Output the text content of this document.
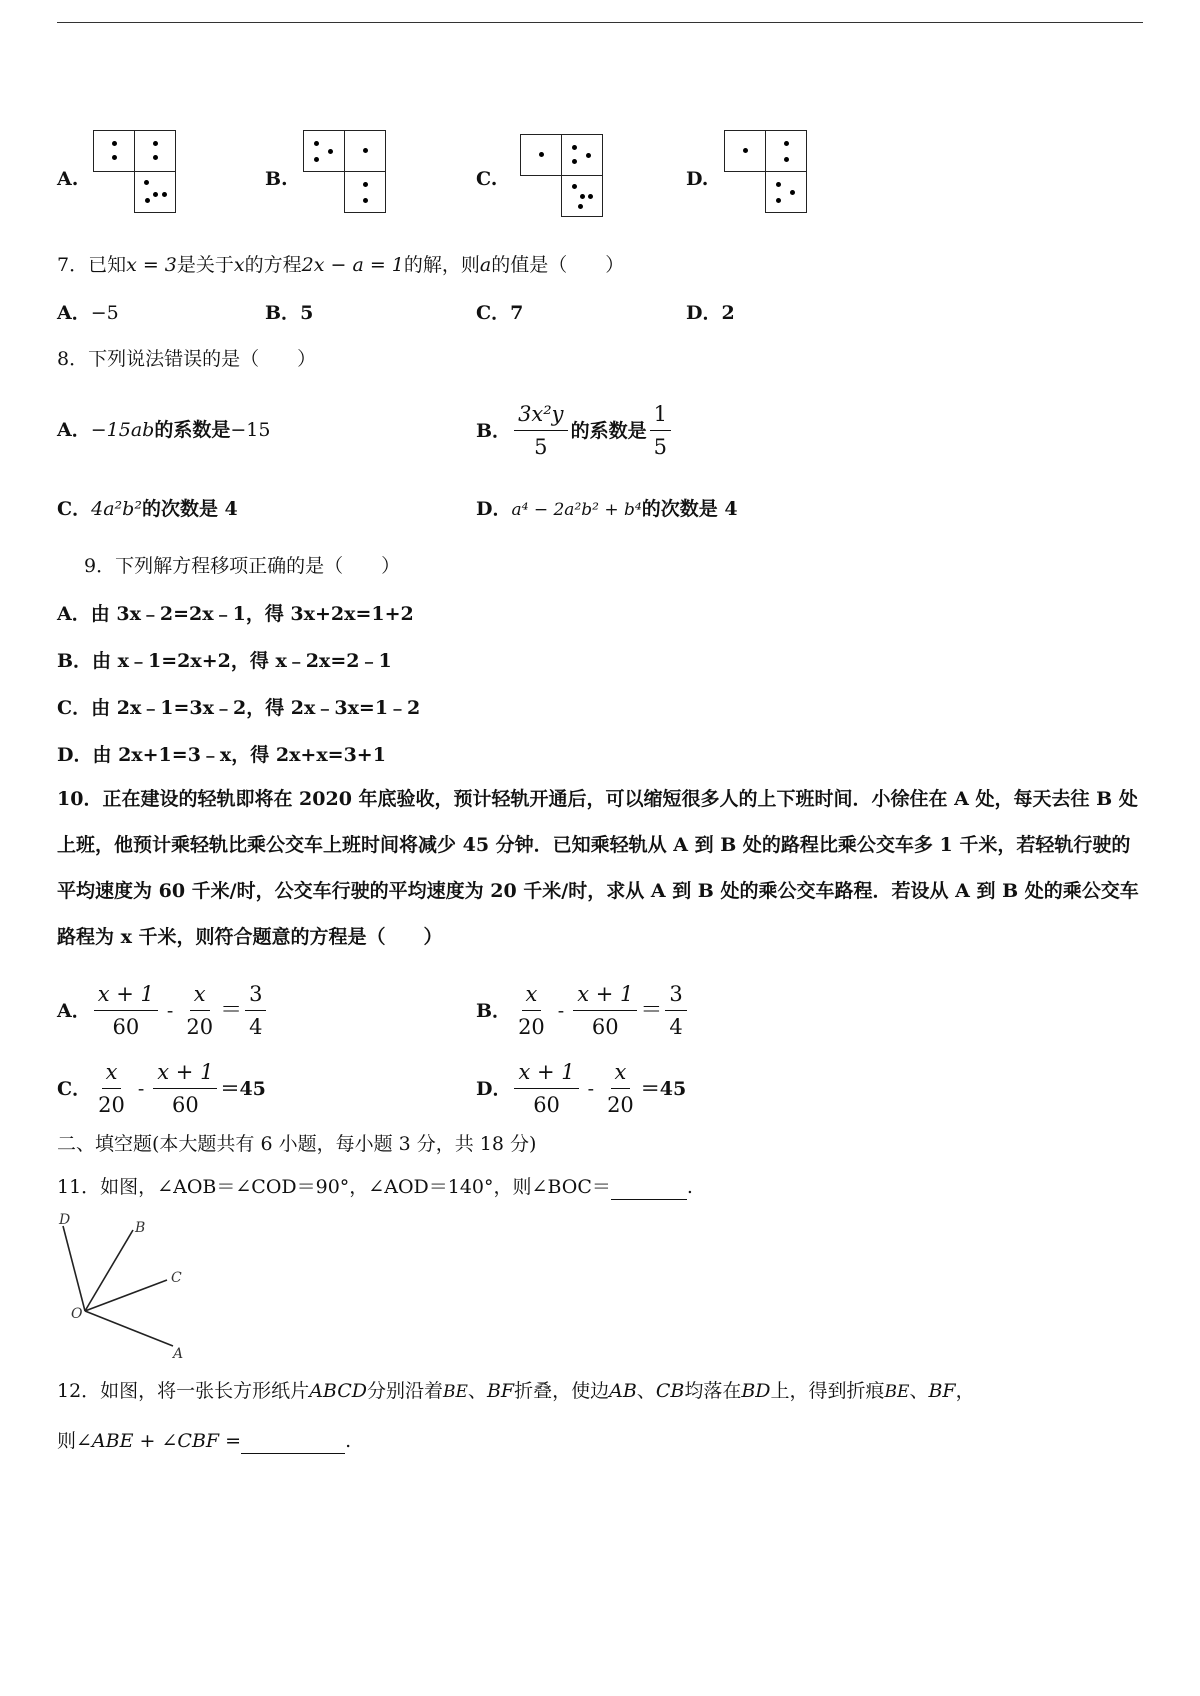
A.	B.	C.	D.
7．已知x = 3是关于x的方程2x − a = 1的解，则a的值是（　　）
A．−5	B．5	C．7	D．2
8．下列说法错误的是（　　）
A．−15ab的系数是−15	B． $\frac{\text{3x²y}}{5}$ 的系数是 $\frac{1}{5}$
C．4a²b²的次数是 4	D．a⁴ − 2a²b² + b⁴的次数是 4
9．下列解方程移项正确的是（　　）
A．由 3x﹣2=2x﹣1，得 3x+2x=1+2
B．由 x﹣1=2x+2，得 x﹣2x=2﹣1
C．由 2x﹣1=3x﹣2，得 2x﹣3x=1﹣2
D．由 2x+1=3﹣x，得 2x+x=3+1
10．正在建设的轻轨即将在 2020 年底验收，预计轻轨开通后，可以缩短很多人的上下班时间．小徐住在 A 处，每天去往 B 处上班，他预计乘轻轨比乘公交车上班时间将减少 45 分钟．已知乘轻轨从 A 到 B 处的路程比乘公交车多 1 千米，若轻轨行驶的平均速度为 60 千米/时，公交车行驶的平均速度为 20 千米/时，求从 A 到 B 处的乘公交车路程．若设从 A 到 B 处的乘公交车路程为 x 千米，则符合题意的方程是（　　）
A． $\frac{x + 1}{60} - \frac{x}{20} = \frac{3}{4}$	B． $\frac{x}{20} - \frac{x + 1}{60} = \frac{3}{4}$
C． $\frac{x}{20} - \frac{x + 1}{60} =45$	D． $\frac{x + 1}{60} - \frac{x}{20} =45$
二、填空题(本大题共有 6 小题，每小题 3 分，共 18 分)
11．如图，∠AOB＝∠COD＝90°，∠AOD＝140°，则∠BOC＝	.
D	B
C
O
A
12．如图，将一张长方形纸片ABCD分别沿着BE、BF折叠，使边AB、CB均落在BD上，得到折痕BE、BF，
则∠ABE + ∠CBF =	.
